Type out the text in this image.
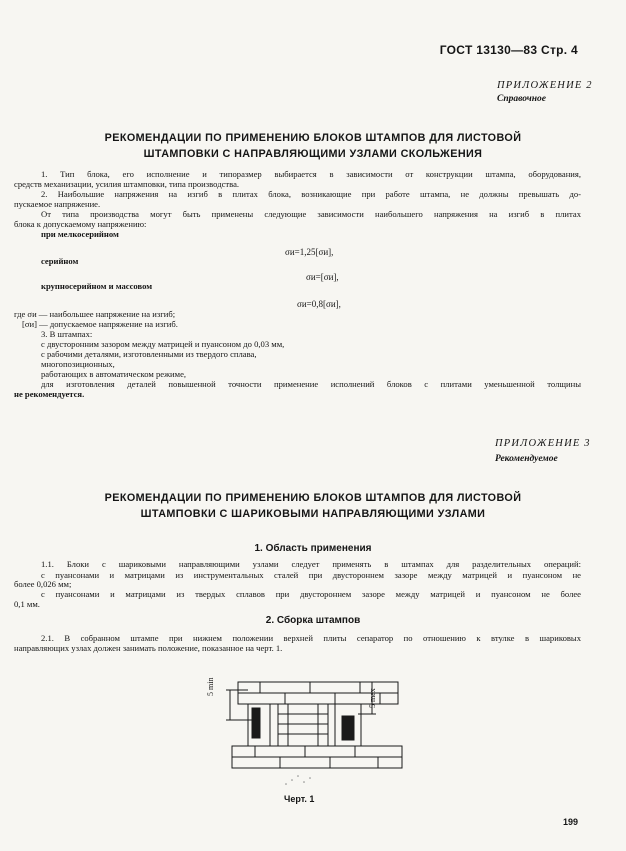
ГОСТ 13130—83 Стр. 4
ПРИЛОЖЕНИЕ 2
Справочное
РЕКОМЕНДАЦИИ ПО ПРИМЕНЕНИЮ БЛОКОВ ШТАМПОВ ДЛЯ ЛИСТОВОЙ
ШТАМПОВКИ С НАПРАВЛЯЮЩИМИ УЗЛАМИ СКОЛЬЖЕНИЯ
1. Тип блока, его исполнение и типоразмер выбирается в зависимости от конструкции штампа, оборудования,
средств механизации, усилия штамповки, типа производства.
2. Наибольшие напряжения на изгиб в плитах блока, возникающие при работе штампа, не должны превышать до-
пускаемое напряжение.
От типа производства могут быть применены следующие зависимости наибольшего напряжения на изгиб в плитах
блока к допускаемому напряжению:
при мелкосерийном
σи=1,25[σи],
серийном
σи=[σи],
крупносерийном и массовом
σи=0,8[σи],
где σи — наибольшее напряжение на изгиб;
[σи] — допускаемое напряжение на изгиб.
3. В штампах:
с двусторонним зазором между матрицей и пуансоном до 0,03 мм,
с рабочими деталями, изготовленными из твердого сплава,
многопозиционных,
работающих в автоматическом режиме,
для изготовления деталей повышенной точности применение исполнений блоков с плитами уменьшенной толщины
не рекомендуется.
ПРИЛОЖЕНИЕ 3
Рекомендуемое
РЕКОМЕНДАЦИИ ПО ПРИМЕНЕНИЮ БЛОКОВ ШТАМПОВ ДЛЯ ЛИСТОВОЙ
ШТАМПОВКИ С ШАРИКОВЫМИ НАПРАВЛЯЮЩИМИ УЗЛАМИ
1. Область применения
1.1. Блоки с шариковыми направляющими узлами следует применять в штампах для разделительных операций:
с пуансонами и матрицами из инструментальных сталей при двустороннем зазоре между матрицей и пуансоном не
более 0,026 мм;
с пуансонами и матрицами из твердых сплавов при двустороннем зазоре между матрицей и пуансоном не более
0,1 мм.
2. Сборка штампов
2.1. В собранном штампе при нижнем положении верхней плиты сепаратор по отношению к втулке в шариковых
направляющих узлах должен занимать положение, показанное на черт. 1.
5 min
5 max
Черт. 1
199
